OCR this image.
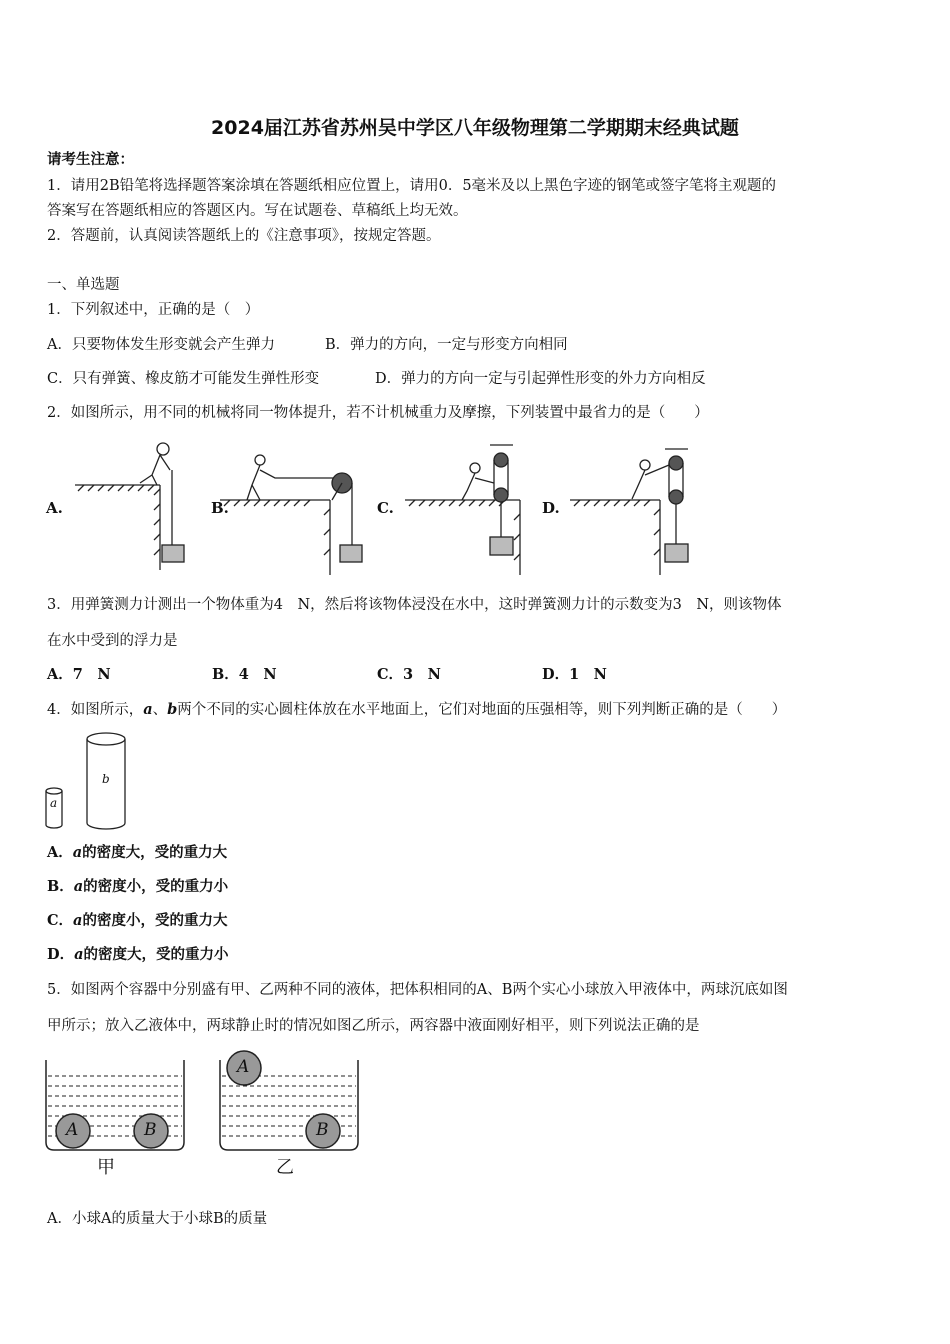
2024届江苏省苏州吴中学区八年级物理第二学期期末经典试题
请考生注意：
1．请用2B铅笔将选择题答案涂填在答题纸相应位置上，请用0．5毫米及以上黑色字迹的钢笔或签字笔将主观题的
答案写在答题纸相应的答题区内。写在试题卷、草稿纸上均无效。
2．答题前，认真阅读答题纸上的《注意事项》，按规定答题。
一、单选题
1．下列叙述中，正确的是（　）
A．只要物体发生形变就会产生弹力	B．弹力的方向，一定与形变方向相同
C．只有弹簧、橡皮筋才可能发生弹性形变	D．弹力的方向一定与引起弹性形变的外力方向相反
2．如图所示，用不同的机械将同一物体提升，若不计机械重力及摩擦，下列装置中最省力的是（　　）
A.	B.	C.	D.
3．用弹簧测力计测出一个物体重为4　N，然后将该物体浸没在水中，这时弹簧测力计的示数变为3　N，则该物体
在水中受到的浮力是
A．7　N	B．4　N	C．3　N	D．1　N
4．如图所示，a、b两个不同的实心圆柱体放在水平地面上，它们对地面的压强相等，则下列判断正确的是（　　）
a
b
A．a的密度大，受的重力大
B．a的密度小，受的重力小
C．a的密度小，受的重力大
D．a的密度大，受的重力小
5．如图两个容器中分别盛有甲、乙两种不同的液体，把体积相同的A、B两个实心小球放入甲液体中，两球沉底如图
甲所示；放入乙液体中，两球静止时的情况如图乙所示，两容器中液面刚好相平，则下列说法正确的是
A	B
A
B
甲	乙
A．小球A的质量大于小球B的质量
